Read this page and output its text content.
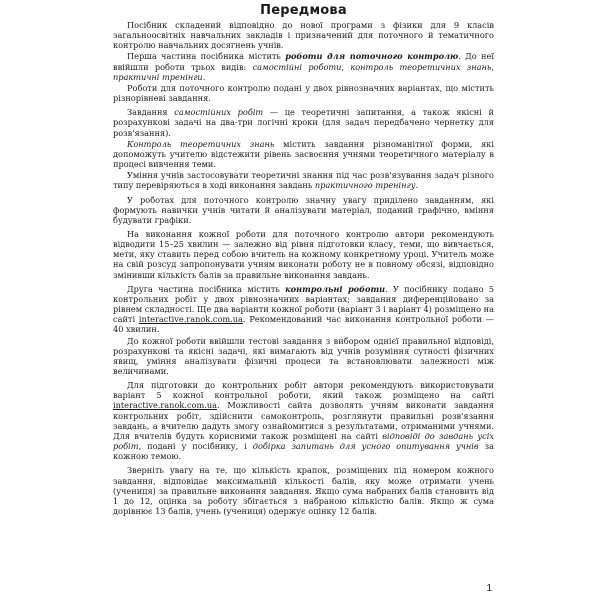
Передмова

Посібник складений відповідно до нової програми з фізики для 9 класів загальноосвітніх навчальних закладів і призначений для поточного й тематичного контролю навчальних досягнень учнів.

Перша частина посібника містить роботи для поточного контролю. До неї ввійшли роботи трьох видів: самостійні роботи, контроль теоретичних знань, практичні тренінги.

Роботи для поточного контролю подані у двох рівнозначних варіантах, що містить різнорівневі завдання.

Завдання самостійних робіт — це теоретичні запитання, а також якісні й розрахункові задачі на два-три логічні кроки (для задач передбачено чернетку для розв'язання).

Контроль теоретичних знань містить завдання різноманітної форми, які допоможуть учителю відстежити рівень засвоєння учнями теоретичного матеріалу в процесі вивчення теми.

Уміння учнів застосовувати теоретичні знання під час розв'язування задач різного типу перевіряються в ході виконання завдань практичного тренінгу.

У роботах для поточного контролю значну увагу приділено завданням, які формують навички учнів читати й аналізувати матеріал, поданий графічно, вміння будувати графіки.

На виконання кожної роботи для поточного контролю автори рекомендують відводити 15–25 хвилин — залежно від рівня підготовки класу, теми, що вивчається, мети, яку ставить перед собою вчитель на кожному конкретному уроці. Учитель може на свій розсуд запропонувати учням виконати роботу не в повному обсязі, відповідно змінивши кількість балів за правильне виконання завдань.

Друга частина посібника містить контрольні роботи. У посібнику подано 5 контрольних робіт у двох рівнозначних варіантах; завдання диференційовано за рівнем складності. Ще два варіанти кожної роботи (варіант 3 і варіант 4) розміщено на сайті interactive.ranok.com.ua. Рекомендований час виконання контрольної роботи — 40 хвилин.

До кожної роботи ввійшли тестові завдання з вибором однієї правильної відповіді, розрахункові та якісні задачі, які вимагають від учнів розуміння сутності фізичних явищ, уміння аналізувати фізичні процеси та встановлювати залежності між величинами.

Для підготовки до контрольних робіт автори рекомендують використовувати варіант 5 кожної контрольної роботи, який також розміщено на сайті interactive.ranok.com.ua. Можливості сайта дозволять учням виконати завдання контрольних робіт, здійснити самоконтроль, розглянути правильні розв'язання завдань, а вчителю дадуть змогу ознайомитися з результатами, отриманими учнями. Для вчителів будуть корисними також розміщені на сайті відповіді до завдань усіх робіт, подані у посібнику, і добірка запитань для усного опитування учнів за кожною темою.

Зверніть увагу на те, що кількість крапок, розміщених під номером кожного завдання, відповідає максимальній кількості балів, яку може отримати учень (учениця) за правильне виконання завдання. Якщо сума набраних балів становить від 1 до 12, оцінка за роботу збігається з набраною кількістю балів. Якщо ж сума дорівнює 13 балів, учень (учениця) одержує оцінку 12 балів.

1
